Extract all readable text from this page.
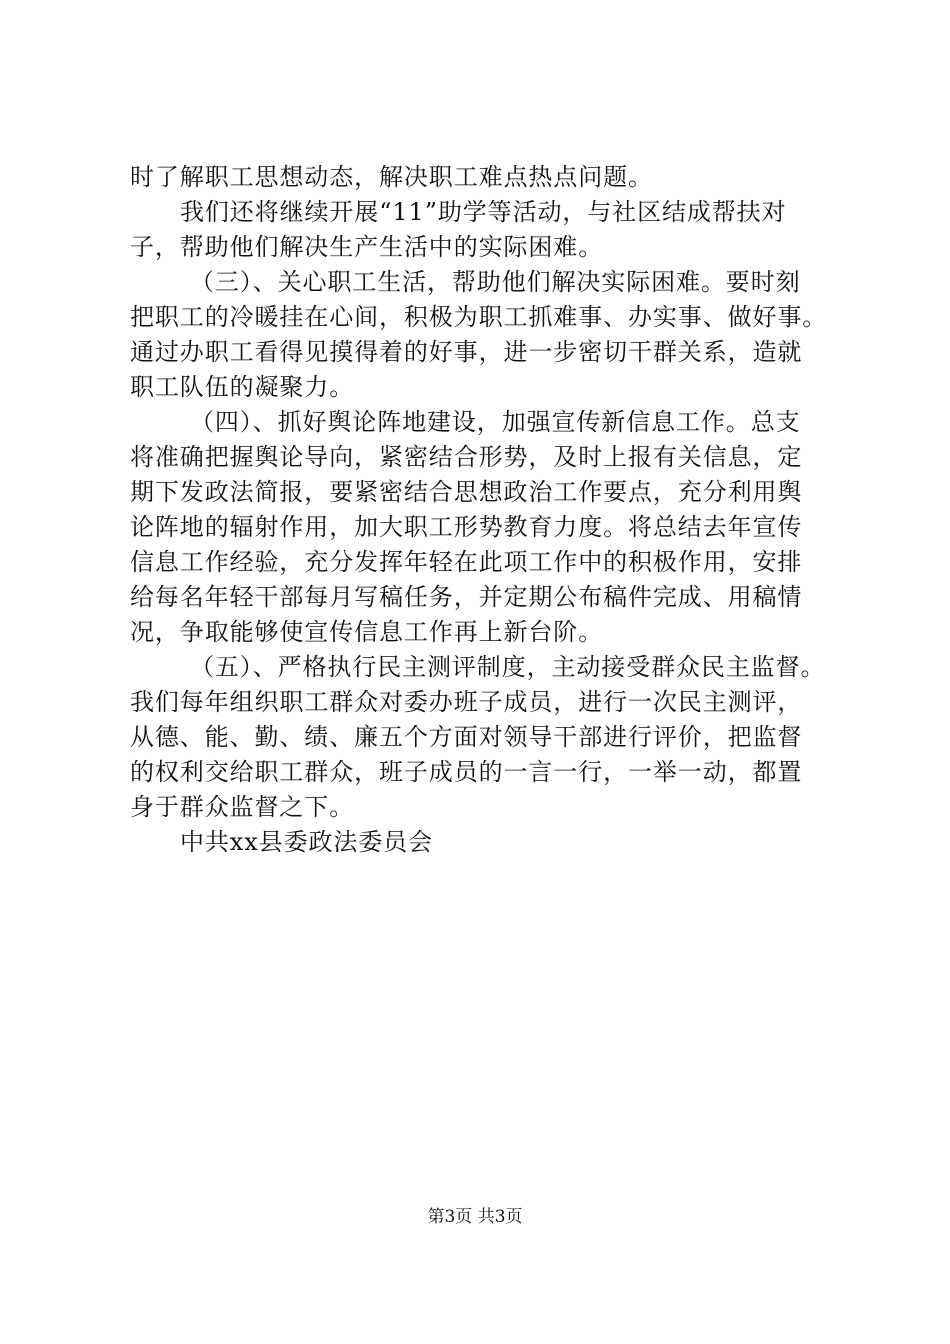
时了解职工思想动态，解决职工难点热点问题。
我们还将继续开展“11”助学等活动，与社区结成帮扶对
子，帮助他们解决生产生活中的实际困难。
（三）、关心职工生活，帮助他们解决实际困难。要时刻
把职工的冷暖挂在心间，积极为职工抓难事、办实事、做好事。
通过办职工看得见摸得着的好事，进一步密切干群关系，造就
职工队伍的凝聚力。
（四）、抓好舆论阵地建设，加强宣传新信息工作。总支
将准确把握舆论导向，紧密结合形势，及时上报有关信息，定
期下发政法简报，要紧密结合思想政治工作要点，充分利用舆
论阵地的辐射作用，加大职工形势教育力度。将总结去年宣传
信息工作经验，充分发挥年轻在此项工作中的积极作用，安排
给每名年轻干部每月写稿任务，并定期公布稿件完成、用稿情
况，争取能够使宣传信息工作再上新台阶。
（五）、严格执行民主测评制度，主动接受群众民主监督。
我们每年组织职工群众对委办班子成员，进行一次民主测评，
从德、能、勤、绩、廉五个方面对领导干部进行评价，把监督
的权利交给职工群众，班子成员的一言一行，一举一动，都置
身于群众监督之下。
中共xx县委政法委员会
第3页 共3页
